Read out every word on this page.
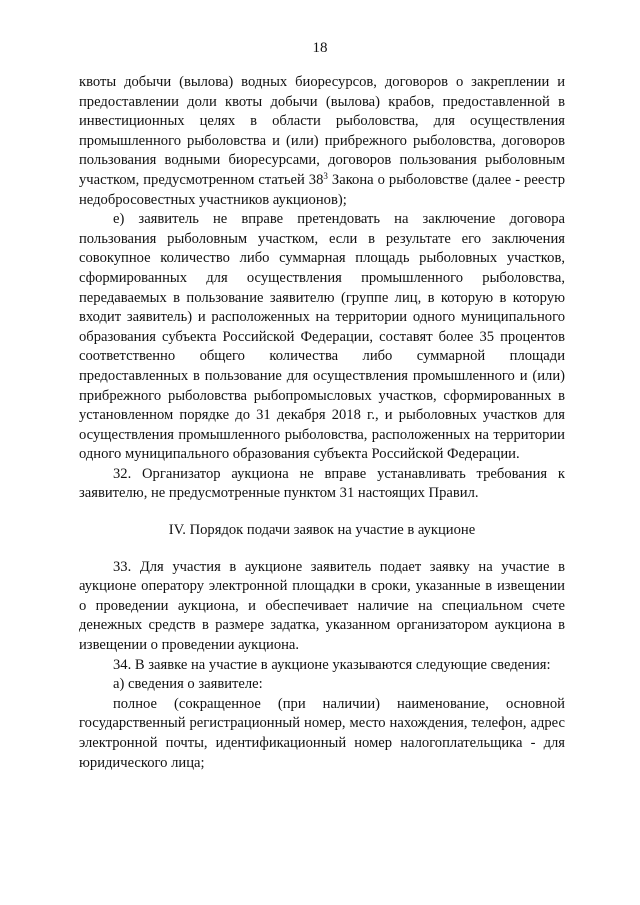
18

квоты добычи (вылова) водных биоресурсов, договоров о закреплении и предоставлении доли квоты добычи (вылова) крабов, предоставленной в инвестиционных целях в области рыболовства, для осуществления промышленного рыболовства и (или) прибрежного рыболовства, договоров пользования водными биоресурсами, договоров пользования рыболовным участком, предусмотренном статьей $38^3$ Закона о рыболовстве (далее - реестр недобросовестных участников аукционов);

е) заявитель не вправе претендовать на заключение договора пользования рыболовным участком, если в результате его заключения совокупное количество либо суммарная площадь рыболовных участков, сформированных для осуществления промышленного рыболовства, передаваемых в пользование заявителю (группе лиц, в которую в которую входит заявитель) и расположенных на территории одного муниципального образования субъекта Российской Федерации, составят более 35 процентов соответственно общего количества либо суммарной площади предоставленных в пользование для осуществления промышленного и (или) прибрежного рыболовства рыбопромысловых участков, сформированных в установленном порядке до 31 декабря 2018 г., и рыболовных участков для осуществления промышленного рыболовства, расположенных на территории одного муниципального образования субъекта Российской Федерации.

32. Организатор аукциона не вправе устанавливать требования к заявителю, не предусмотренные пунктом 31 настоящих Правил.

IV. Порядок подачи заявок на участие в аукционе

33. Для участия в аукционе заявитель подает заявку на участие в аукционе оператору электронной площадки в сроки, указанные в извещении о проведении аукциона, и обеспечивает наличие на специальном счете денежных средств в размере задатка, указанном организатором аукциона в извещении о проведении аукциона.

34. В заявке на участие в аукционе указываются следующие сведения:

а) сведения о заявителе:

полное (сокращенное (при наличии) наименование, основной государственный регистрационный номер, место нахождения, телефон, адрес электронной почты, идентификационный номер налогоплательщика - для юридического лица;
